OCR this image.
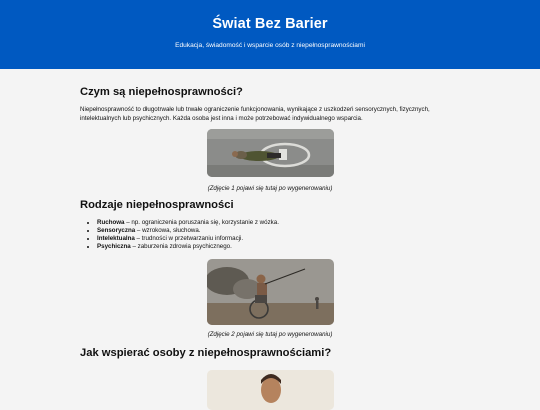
Świat Bez Barier

Edukacja, świadomość i wsparcie osób z niepełnosprawnościami

Czym są niepełnosprawności?

Niepełnosprawność to długotrwałe lub trwałe ograniczenie funkcjonowania, wynikające z uszkodzeń sensorycznych, fizycznych, intelektualnych lub psychicznych. Każda osoba jest inna i może potrzebować indywidualnego wsparcia.

(Zdjęcie 1 pojawi się tutaj po wygenerowaniu)

Rodzaje niepełnosprawności
• Ruchowa – np. ograniczenia poruszania się, korzystanie z wózka.
• Sensoryczna – wzrokowa, słuchowa.
• Intelektualna – trudności w przetwarzaniu informacji.
• Psychiczna – zaburzenia zdrowia psychicznego.

(Zdjęcie 2 pojawi się tutaj po wygenerowaniu)

Jak wspierać osoby z niepełnosprawnościami?
